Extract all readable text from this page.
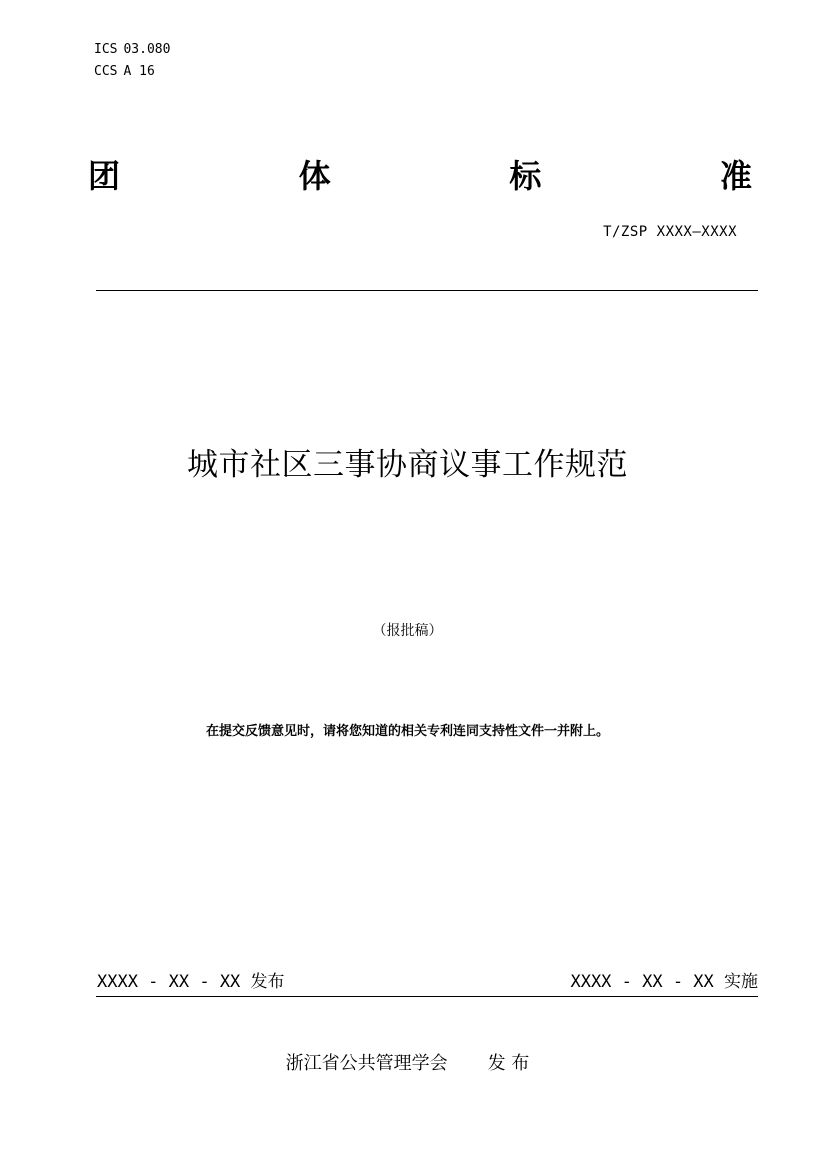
ICS 03.080
CCS A 16
团	体	标	准
T/ZSP XXXX—XXXX
城市社区三事协商议事工作规范
（报批稿）
在提交反馈意见时，请将您知道的相关专利连同支持性文件一并附上。
XXXX - XX - XX 发布	XXXX - XX - XX 实施
浙江省公共管理学会 发 布
